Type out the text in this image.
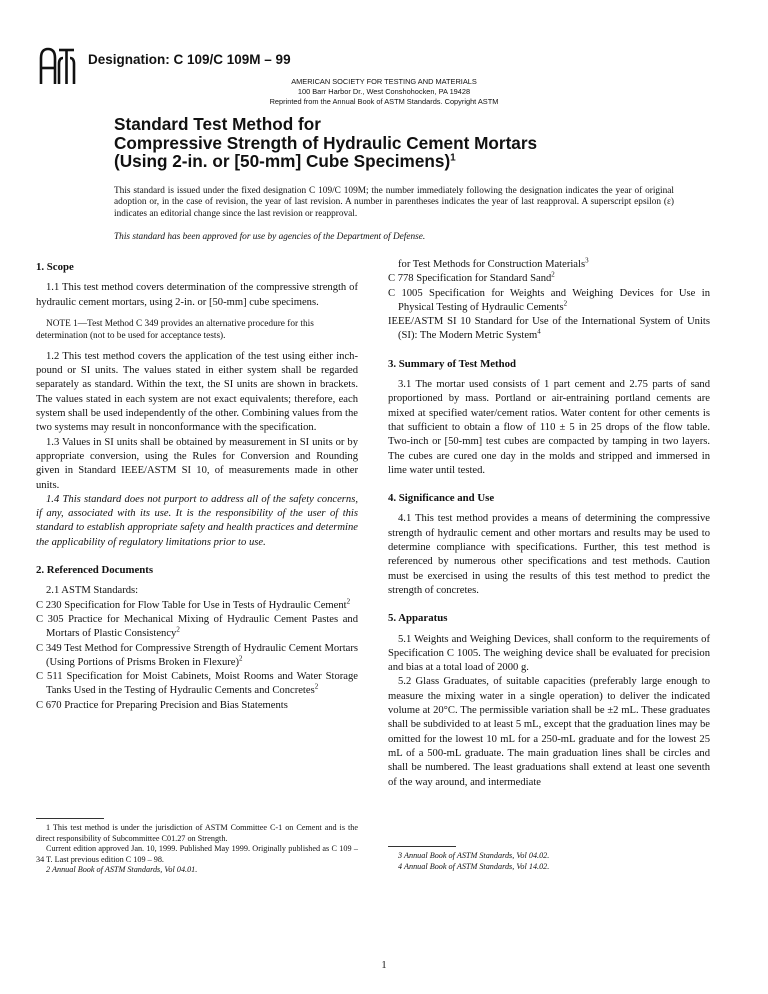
Designation: C 109/C 109M – 99
AMERICAN SOCIETY FOR TESTING AND MATERIALS
100 Barr Harbor Dr., West Conshohocken, PA 19428
Reprinted from the Annual Book of ASTM Standards. Copyright ASTM
Standard Test Method for
Compressive Strength of Hydraulic Cement Mortars
(Using 2-in. or [50-mm] Cube Specimens)$^1$
This standard is issued under the fixed designation C 109/C 109M; the number immediately following the designation indicates the year of original adoption or, in the case of revision, the year of last revision. A number in parentheses indicates the year of last reapproval. A superscript epsilon (ε) indicates an editorial change since the last revision or reapproval.
This standard has been approved for use by agencies of the Department of Defense.
1. Scope

1.1 This test method covers determination of the compressive strength of hydraulic cement mortars, using 2-in. or [50-mm] cube specimens.

NOTE 1—Test Method C 349 provides an alternative procedure for this determination (not to be used for acceptance tests).

1.2 This test method covers the application of the test using either inch-pound or SI units. The values stated in either system shall be regarded separately as standard. Within the text, the SI units are shown in brackets. The values stated in each system are not exact equivalents; therefore, each system shall be used independently of the other. Combining values from the two systems may result in nonconformance with the specification.

1.3 Values in SI units shall be obtained by measurement in SI units or by appropriate conversion, using the Rules for Conversion and Rounding given in Standard IEEE/ASTM SI 10, of measurements made in other units.

1.4 This standard does not purport to address all of the safety concerns, if any, associated with its use. It is the responsibility of the user of this standard to establish appropriate safety and health practices and determine the applicability of regulatory limitations prior to use.

2. Referenced Documents

2.1 ASTM Standards:

C 230 Specification for Flow Table for Use in Tests of Hydraulic Cement$^2$

C 305 Practice for Mechanical Mixing of Hydraulic Cement Pastes and Mortars of Plastic Consistency$^2$

C 349 Test Method for Compressive Strength of Hydraulic Cement Mortars (Using Portions of Prisms Broken in Flexure)$^2$

C 511 Specification for Moist Cabinets, Moist Rooms and Water Storage Tanks Used in the Testing of Hydraulic Cements and Concretes$^2$

C 670 Practice for Preparing Precision and Bias Statements

1 This test method is under the jurisdiction of ASTM Committee C-1 on Cement and is the direct responsibility of Subcommittee C01.27 on Strength.

Current edition approved Jan. 10, 1999. Published May 1999. Originally published as C 109 – 34 T. Last previous edition C 109 – 98.

2 Annual Book of ASTM Standards, Vol 04.01.

for Test Methods for Construction Materials$^3$

C 778 Specification for Standard Sand$^2$

C 1005 Specification for Weights and Weighing Devices for Use in Physical Testing of Hydraulic Cements$^2$

IEEE/ASTM SI 10 Standard for Use of the International System of Units (SI): The Modern Metric System$^4$

3. Summary of Test Method

3.1 The mortar used consists of 1 part cement and 2.75 parts of sand proportioned by mass. Portland or air-entraining portland cements are mixed at specified water/cement ratios. Water content for other cements is that sufficient to obtain a flow of 110 ± 5 in 25 drops of the flow table. Two-inch or [50-mm] test cubes are compacted by tamping in two layers. The cubes are cured one day in the molds and stripped and immersed in lime water until tested.

4. Significance and Use

4.1 This test method provides a means of determining the compressive strength of hydraulic cement and other mortars and results may be used to determine compliance with specifications. Further, this test method is referenced by numerous other specifications and test methods. Caution must be exercised in using the results of this test method to predict the strength of concretes.

5. Apparatus

5.1 Weights and Weighing Devices, shall conform to the requirements of Specification C 1005. The weighing device shall be evaluated for precision and bias at a total load of 2000 g.

5.2 Glass Graduates, of suitable capacities (preferably large enough to measure the mixing water in a single operation) to deliver the indicated volume at 20°C. The permissible variation shall be ±2 mL. These graduates shall be subdivided to at least 5 mL, except that the graduation lines may be omitted for the lowest 10 mL for a 250-mL graduate and for the lowest 25 mL of a 500-mL graduate. The main graduation lines shall be circles and shall be numbered. The least graduations shall extend at least one seventh of the way around, and intermediate

3 Annual Book of ASTM Standards, Vol 04.02.

4 Annual Book of ASTM Standards, Vol 14.02.

1
